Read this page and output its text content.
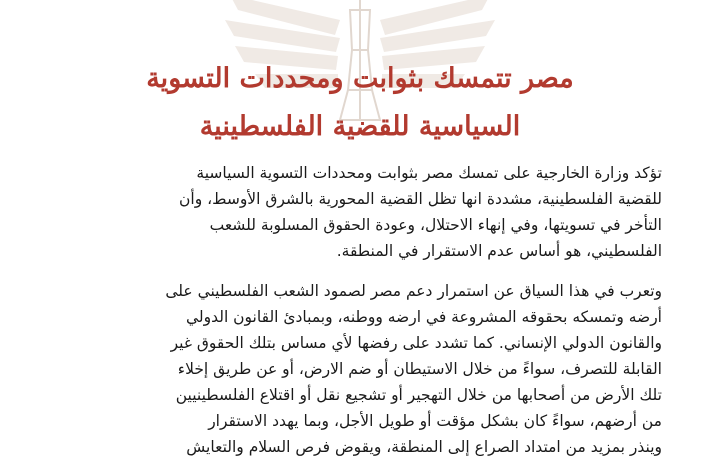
مصر تتمسك بثوابت ومحددات التسوية
السياسية للقضية الفلسطينية

تؤكد وزارة الخارجية على تمسك مصر بثوابت ومحددات التسوية السياسية

للقضية الفلسطينية، مشددة انها تظل القضية المحورية بالشرق الأوسط، وأن

التأخر في تسويتها، وفي إنهاء الاحتلال، وعودة الحقوق المسلوبة للشعب

الفلسطيني، هو أساس عدم الاستقرار في المنطقة.

وتعرب في هذا السياق عن استمرار دعم مصر لصمود الشعب الفلسطيني على

أرضه وتمسكه بحقوقه المشروعة في ارضه ووطنه، وبمبادئ القانون الدولي

والقانون الدولي الإنساني. كما تشدد على رفضها لأي مساس بتلك الحقوق غير

القابلة للتصرف، سواءً من خلال الاستيطان أو ضم الارض، أو عن طريق إخلاء

تلك الأرض من أصحابها من خلال التهجير أو تشجيع نقل أو اقتلاع الفلسطينيين

من أرضهم، سواءً كان بشكل مؤقت أو طويل الأجل، وبما يهدد الاستقرار

وينذر بمزيد من امتداد الصراع إلى المنطقة، ويقوض فرص السلام والتعايش
